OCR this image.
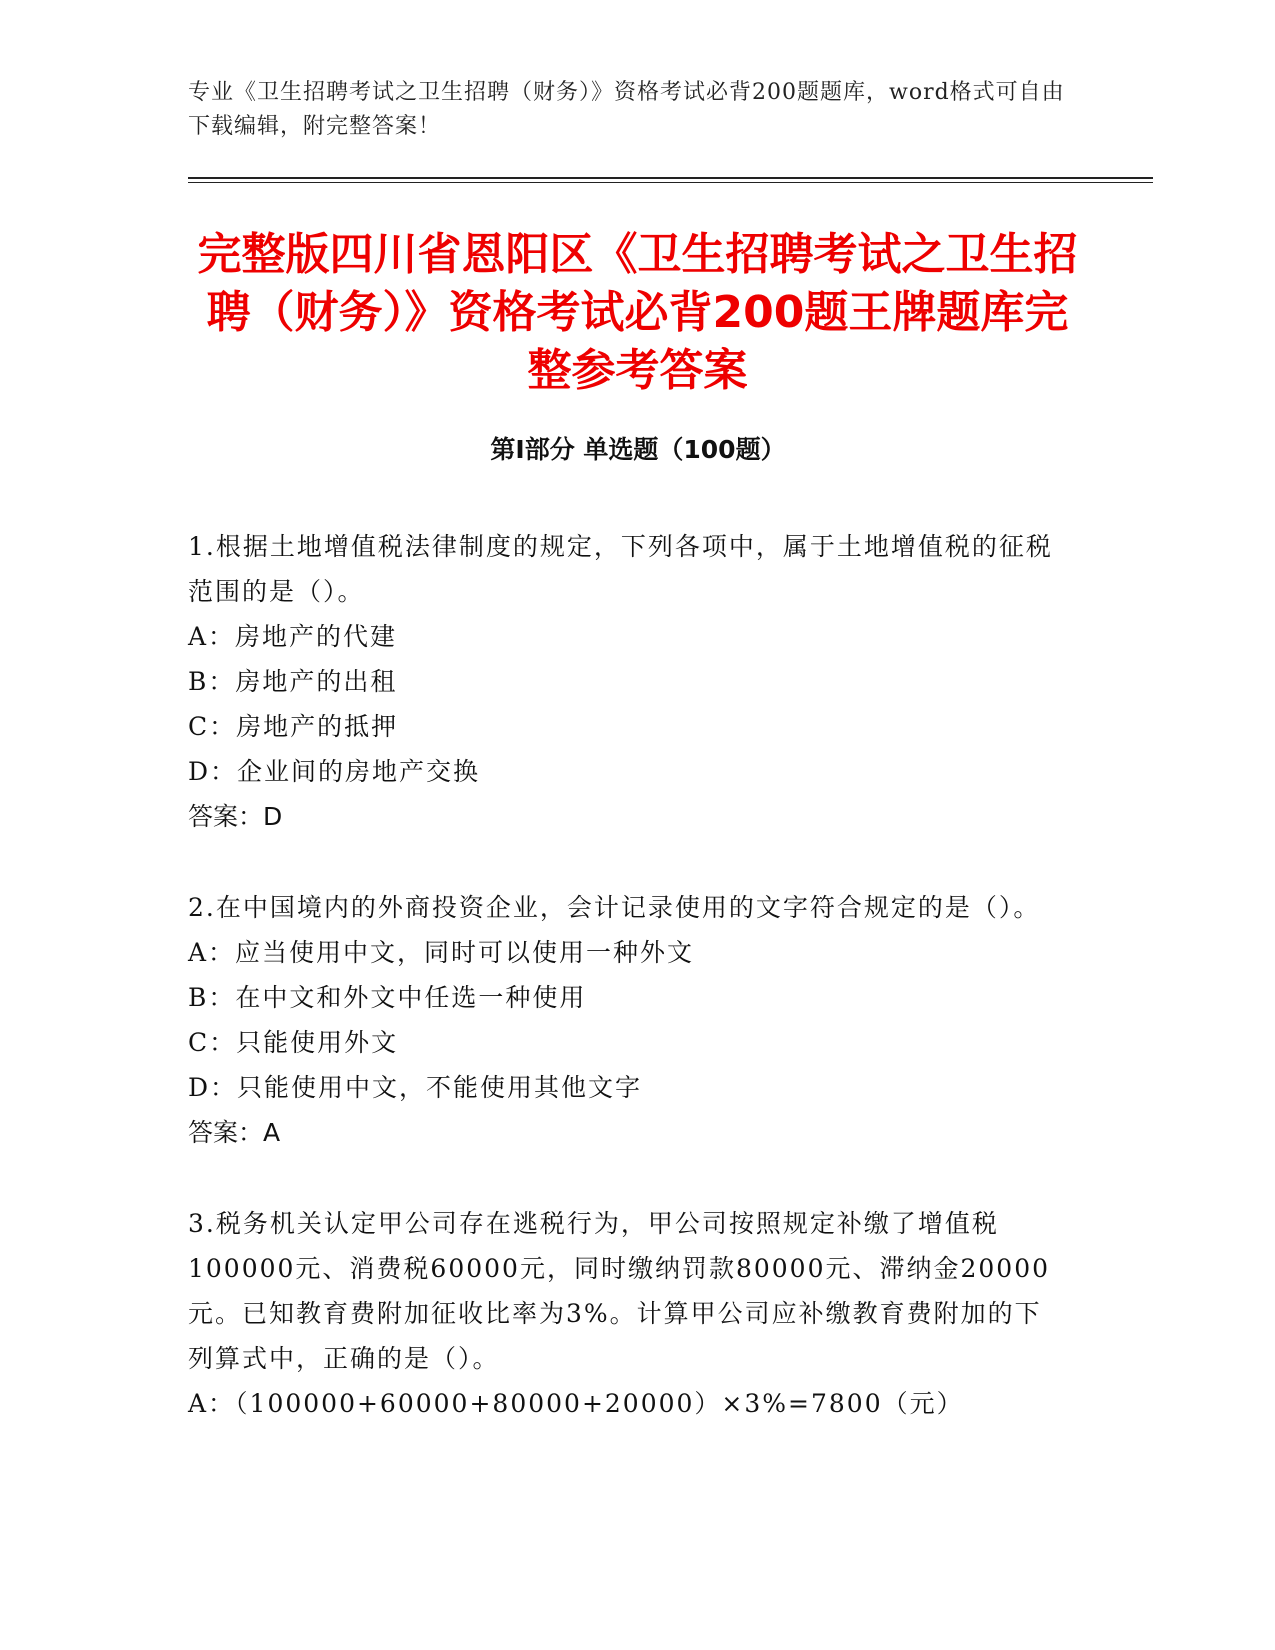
专业《卫生招聘考试之卫生招聘（财务）》资格考试必背200题题库，word格式可自由下载编辑，附完整答案！
完整版四川省恩阳区《卫生招聘考试之卫生招聘（财务）》资格考试必背200题王牌题库完整参考答案
第Ⅰ部分 单选题（100题）
1.根据土地增值税法律制度的规定，下列各项中，属于土地增值税的征税范围的是（）。
A：房地产的代建
B：房地产的出租
C：房地产的抵押
D：企业间的房地产交换
答案：D
2.在中国境内的外商投资企业，会计记录使用的文字符合规定的是（）。
A：应当使用中文，同时可以使用一种外文
B：在中文和外文中任选一种使用
C：只能使用外文
D：只能使用中文，不能使用其他文字
答案：A
3.税务机关认定甲公司存在逃税行为，甲公司按照规定补缴了增值税100000元、消费税60000元，同时缴纳罚款80000元、滞纳金20000元。已知教育费附加征收比率为3%。计算甲公司应补缴教育费附加的下列算式中，正确的是（）。
A：（100000+60000+80000+20000）×3%=7800（元）
